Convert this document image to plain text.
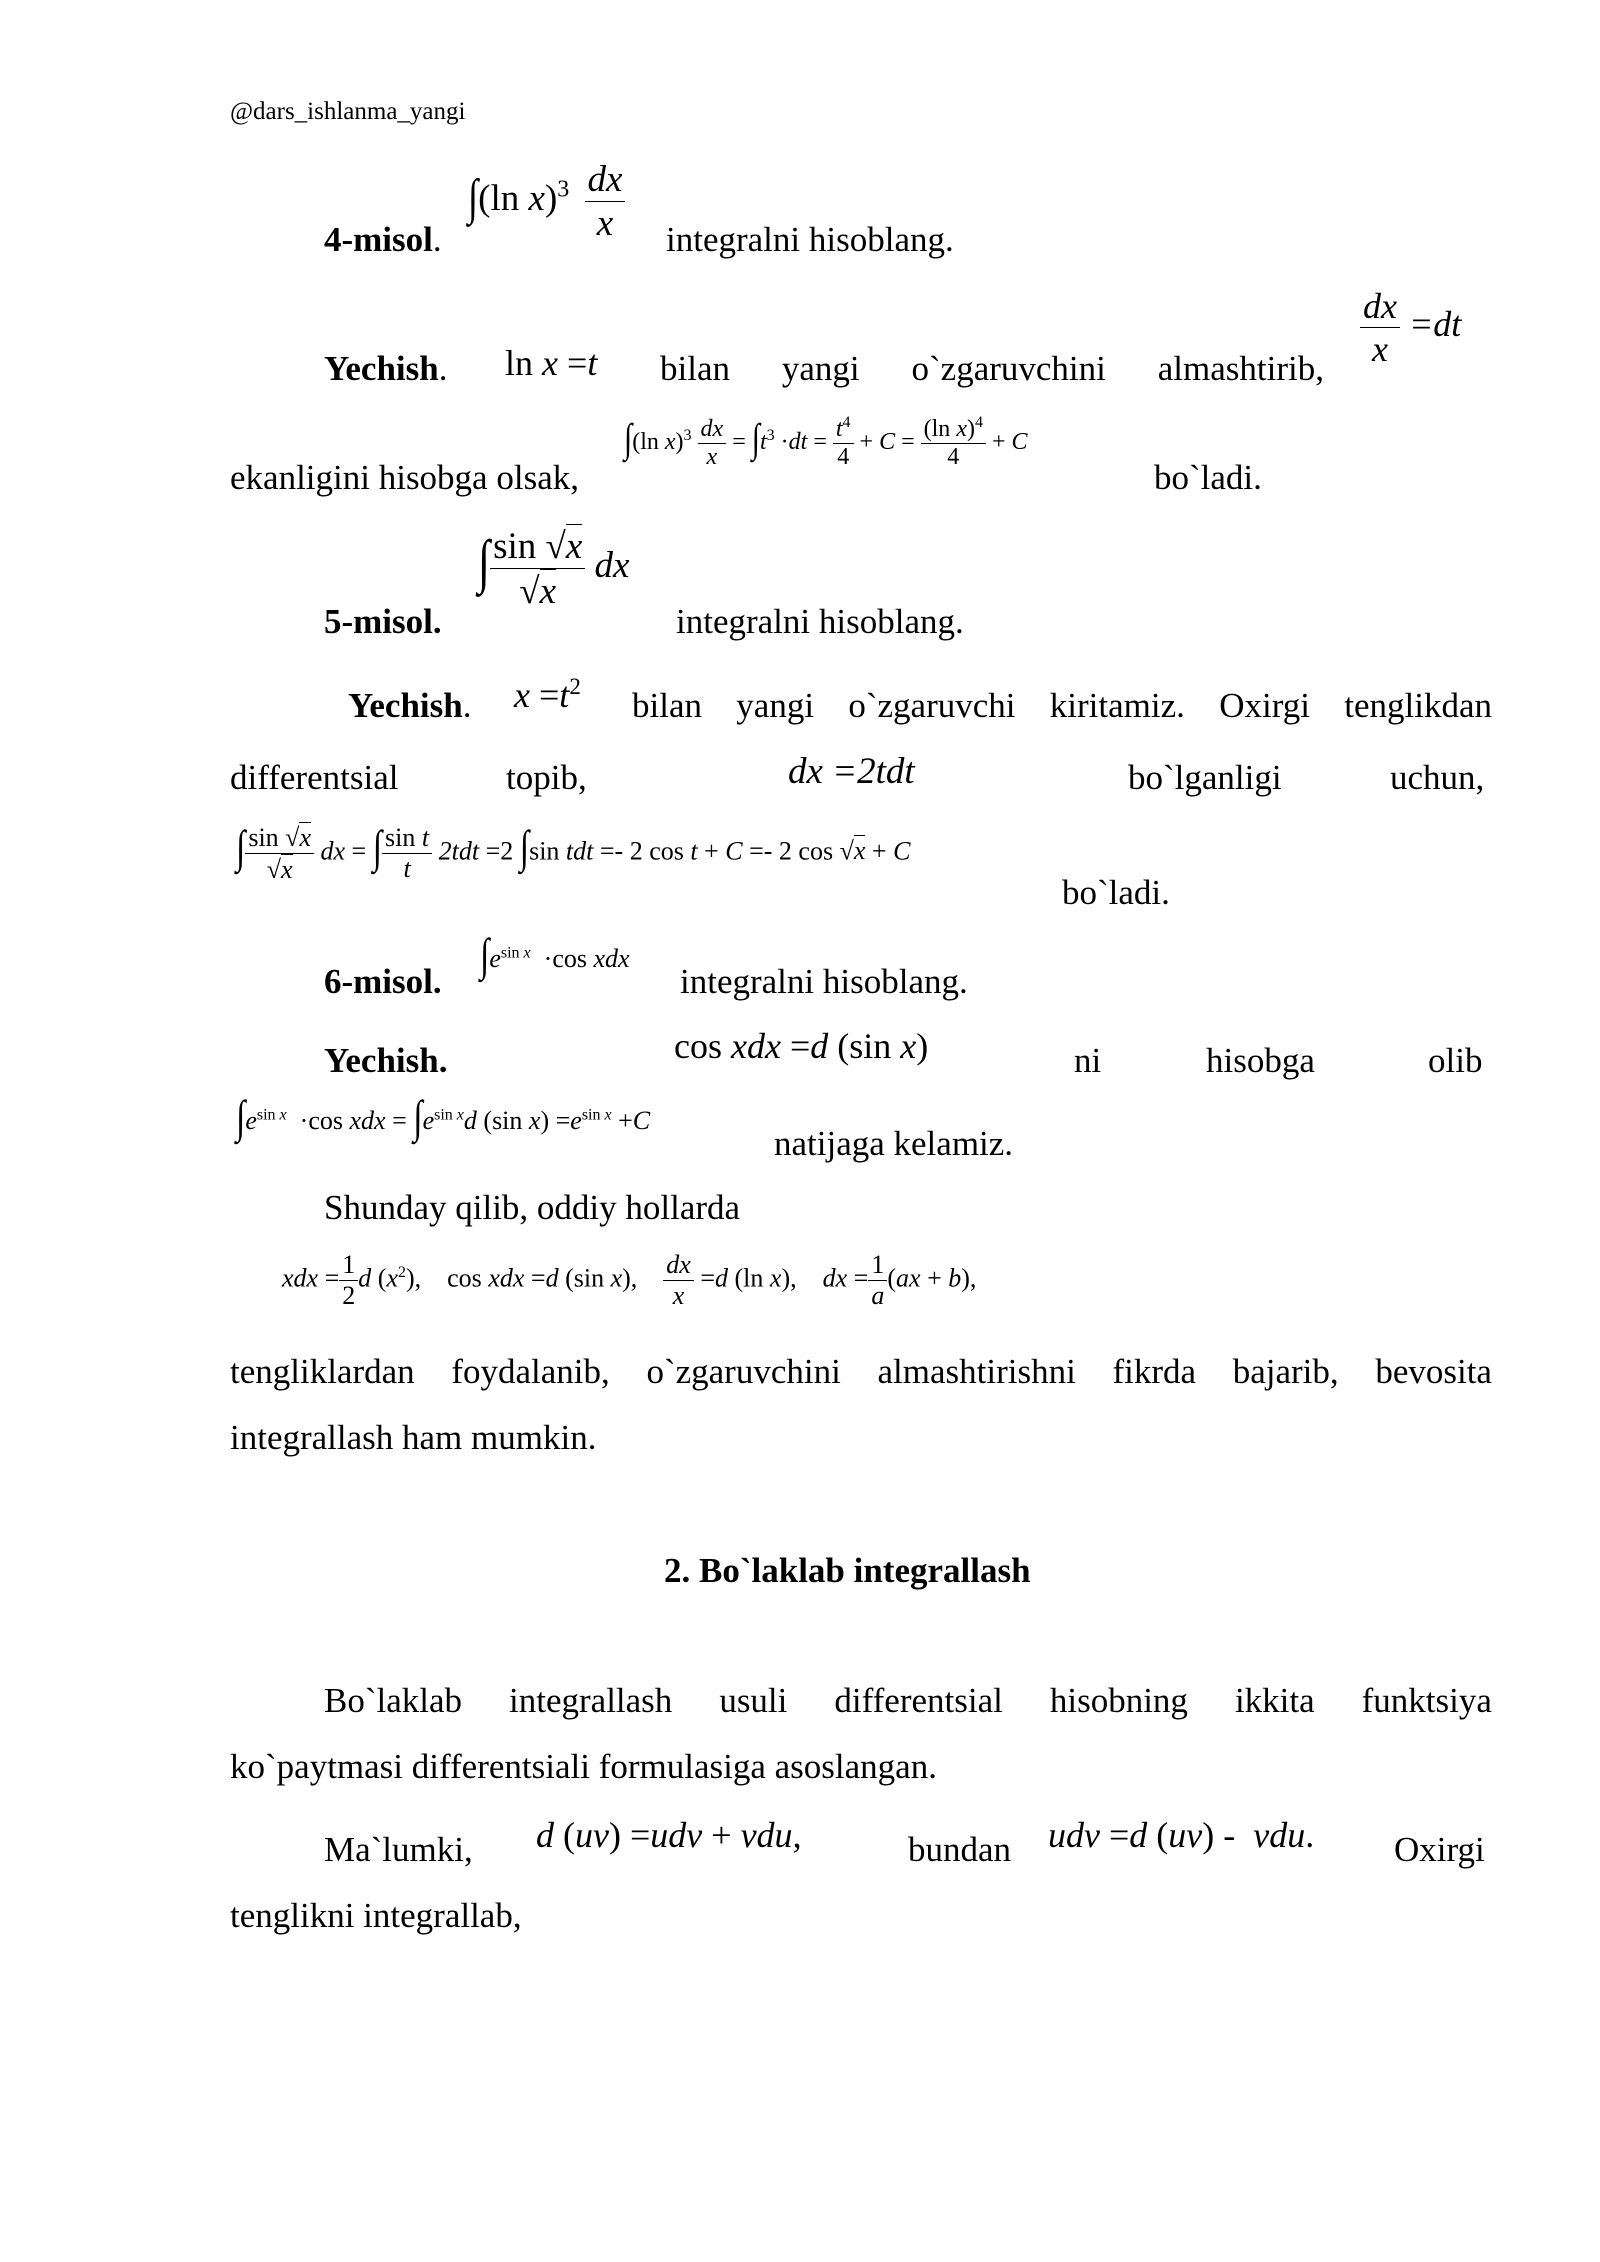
@dars_ishlanma_yangi
4-misol.
∫(ln $x)^3 \frac{dx}{x}$ integralni hisoblang.
Yechish. ln x =t bilan yangi o`zgaruvchini almashtirib, $\frac{dx}{x} =dt$
ekanligini hisobga olsak,
∫(ln $x)^3 \frac{dx}{x} = \int t^3 \cdot dt = \frac{t^4}{4} + C = \frac{(\ln x)^4}{4} + C$
bo`ladi.
5-misol.
∫ $\frac{\sin √x}{√x}$ dx
integralni hisoblang.
Yechish. $x =t^2$ bilan yangi o`zgaruvchi kiritamiz. Oxirgi tenglikdan
differentsial	topib,	dx =2tdt	bo`lganligi	uchun,
∫ $\frac{\sin √x}{√x}$ dx = ∫ $\frac{\text{sin t}}{t} 2tdt =2$ ∫sin tdt =- 2 cos t + C =- 2 cos √x + C
bo`ladi.
6-misol.
$\int e^{sin x} \cdot\cos$ xdx
integralni hisoblang.
Yechish.	cos xdx =d (sin x)	ni	hisobga	olib
$\int e^{sin x} \cdot\cos$ xdx = $\int e^{sin x}d$ (sin $x) =e^{sin x} +C$
natijaga kelamiz.
Shunday qilib, oddiy hollarda
xdx = $\frac{1}{2}$ d $(x^2)$,    cos xdx =d (sin x), $\frac{dx}{x} =d$ (ln x),    dx = $\frac{1}{a} (ax + b)$,
tengliklardan foydalanib, o`zgaruvchini almashtirishni fikrda bajarib, bevosita
integrallash ham mumkin.
2. Bo`laklab integrallash
Bo`laklab integrallash usuli differentsial hisobning ikkita funktsiya
ko`paytmasi differentsiali formulasiga asoslangan.
Ma`lumki, d (uv) =udv + vdu,	bundan udv =d (uv) -  vdu. Oxirgi
tenglikni integrallab,
